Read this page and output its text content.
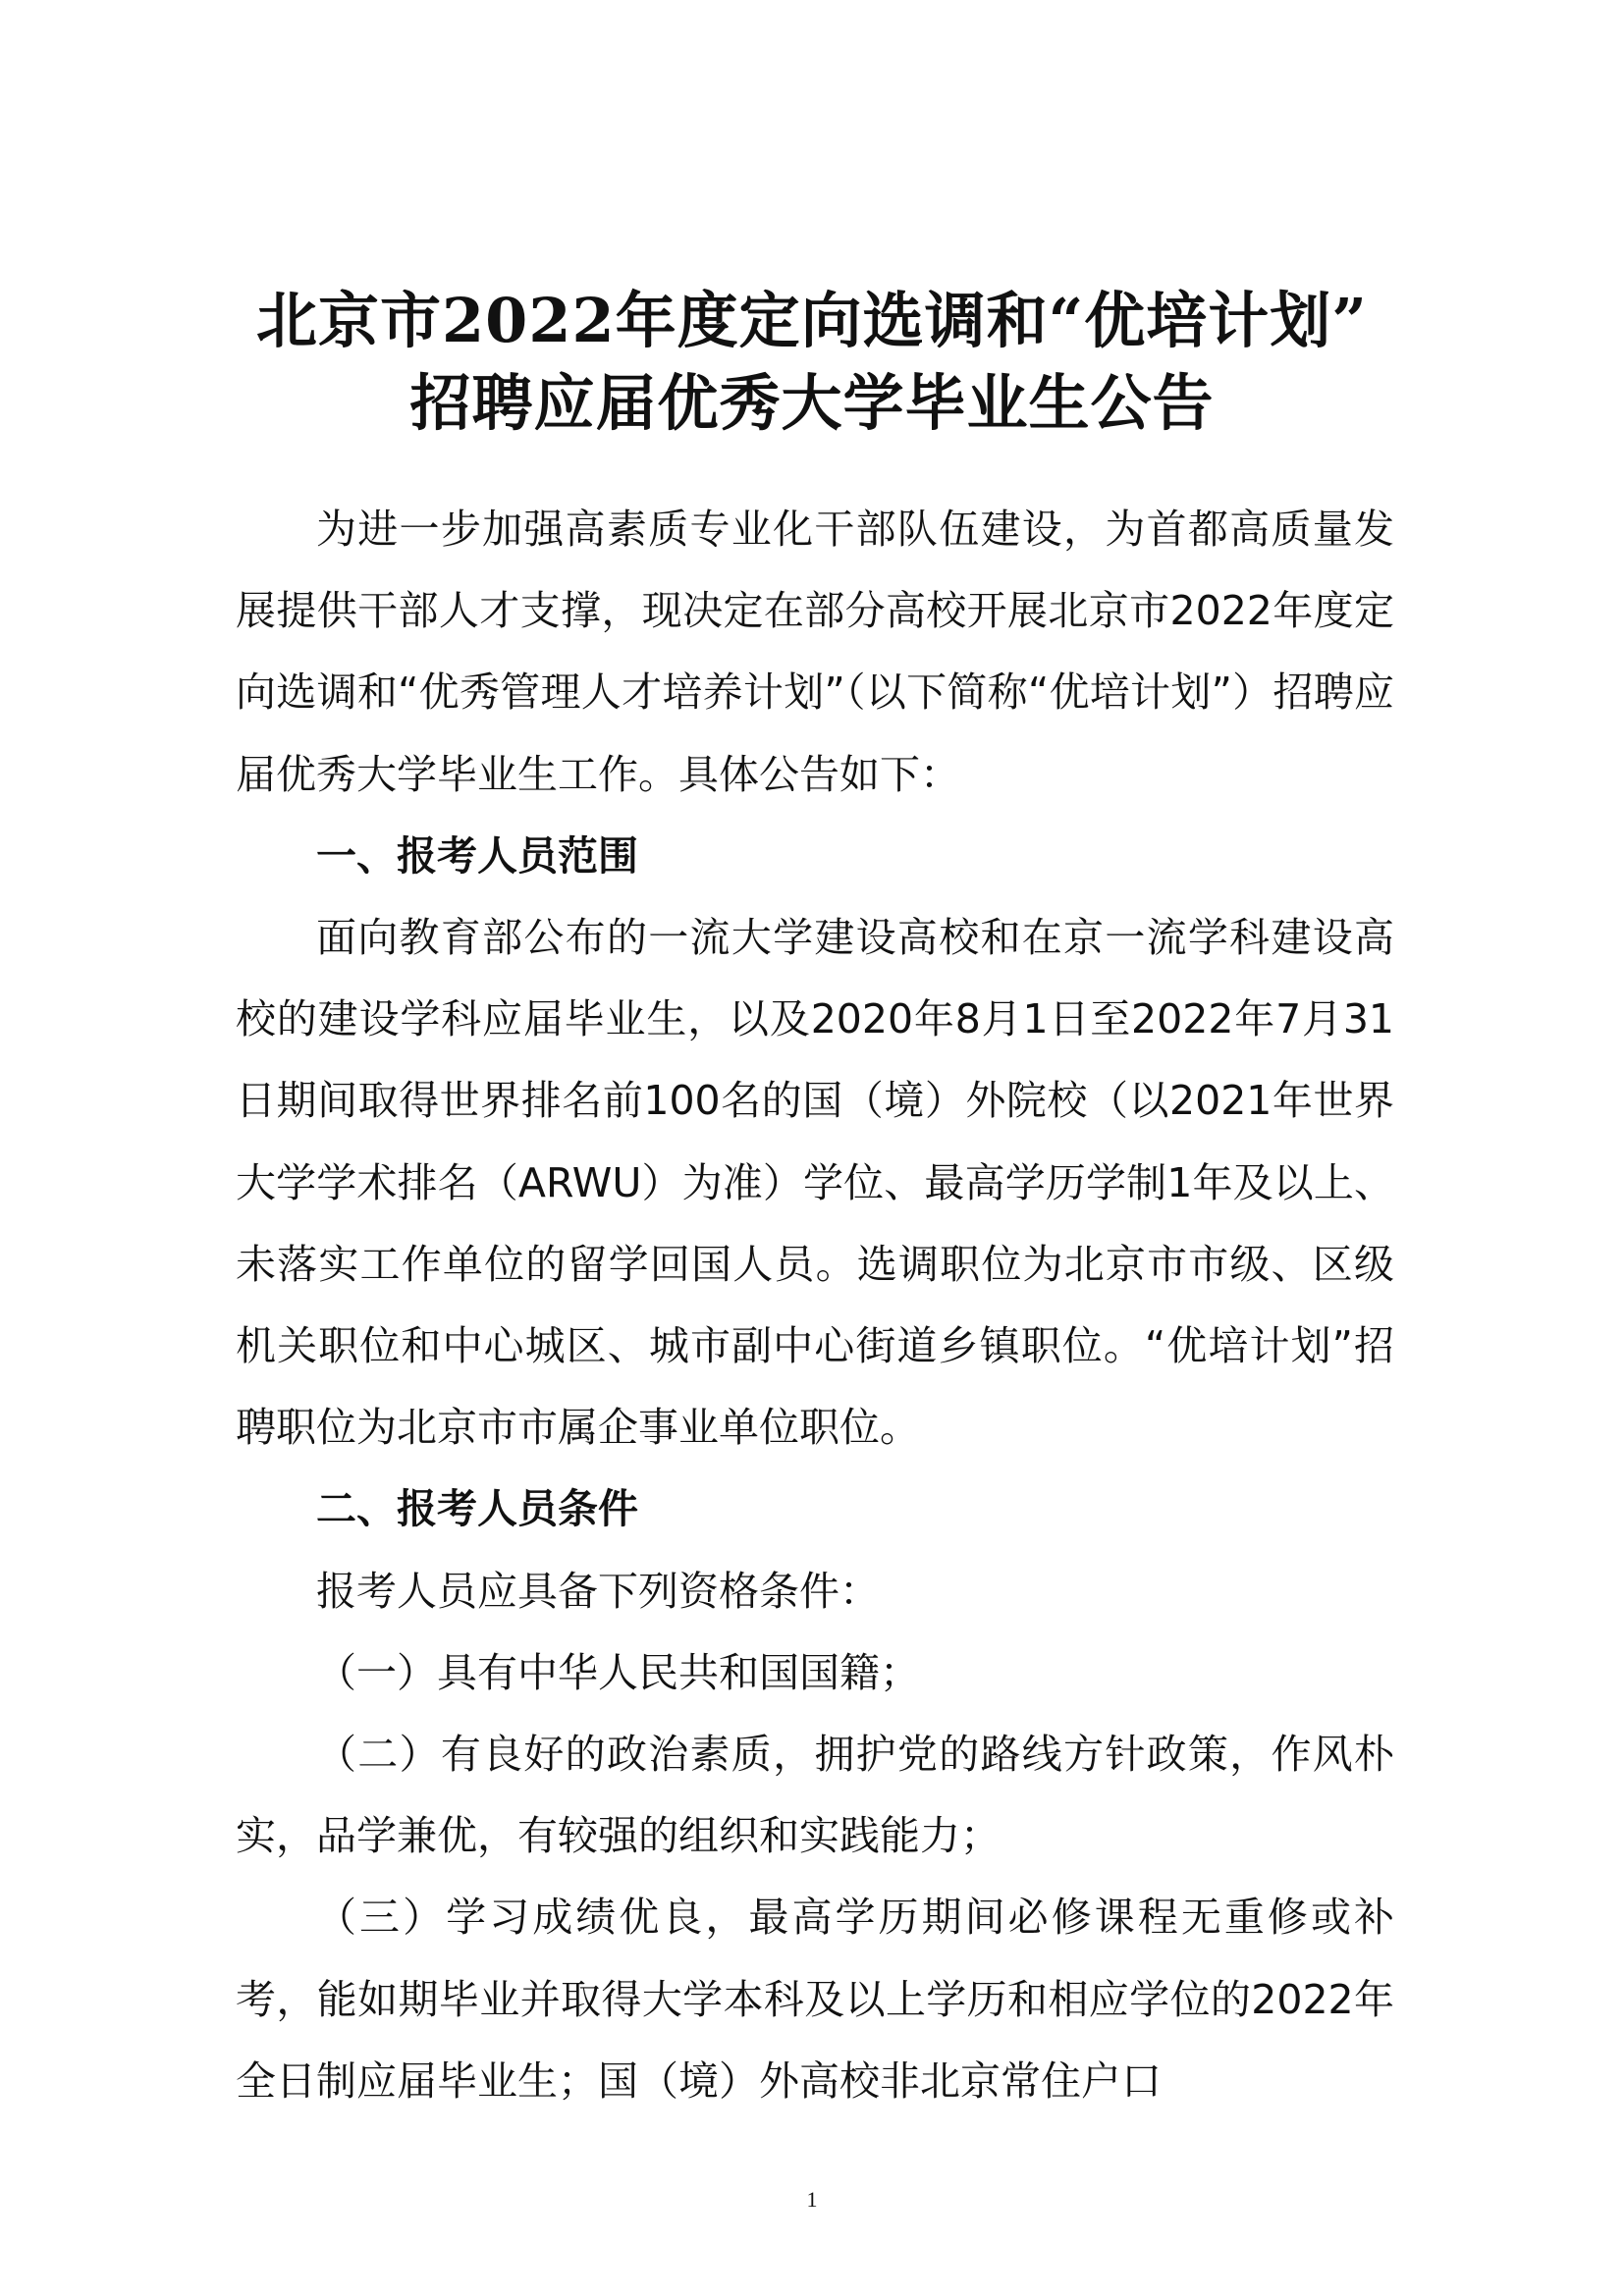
北京市2022年度定向选调和“优培计划”
招聘应届优秀大学毕业生公告

为进一步加强高素质专业化干部队伍建设，为首都高质量发展提供干部人才支撑，现决定在部分高校开展北京市2022年度定向选调和“优秀管理人才培养计划”（以下简称“优培计划”）招聘应届优秀大学毕业生工作。具体公告如下：

一、报考人员范围

面向教育部公布的一流大学建设高校和在京一流学科建设高校的建设学科应届毕业生，以及2020年8月1日至2022年7月31日期间取得世界排名前100名的国（境）外院校（以2021年世界大学学术排名（ARWU）为准）学位、最高学历学制1年及以上、未落实工作单位的留学回国人员。选调职位为北京市市级、区级机关职位和中心城区、城市副中心街道乡镇职位。“优培计划”招聘职位为北京市市属企事业单位职位。

二、报考人员条件

报考人员应具备下列资格条件：

（一）具有中华人民共和国国籍；

（二）有良好的政治素质，拥护党的路线方针政策，作风朴实，品学兼优，有较强的组织和实践能力；

（三）学习成绩优良，最高学历期间必修课程无重修或补考，能如期毕业并取得大学本科及以上学历和相应学位的2022年全日制应届毕业生；国（境）外高校非北京常住户口

1
